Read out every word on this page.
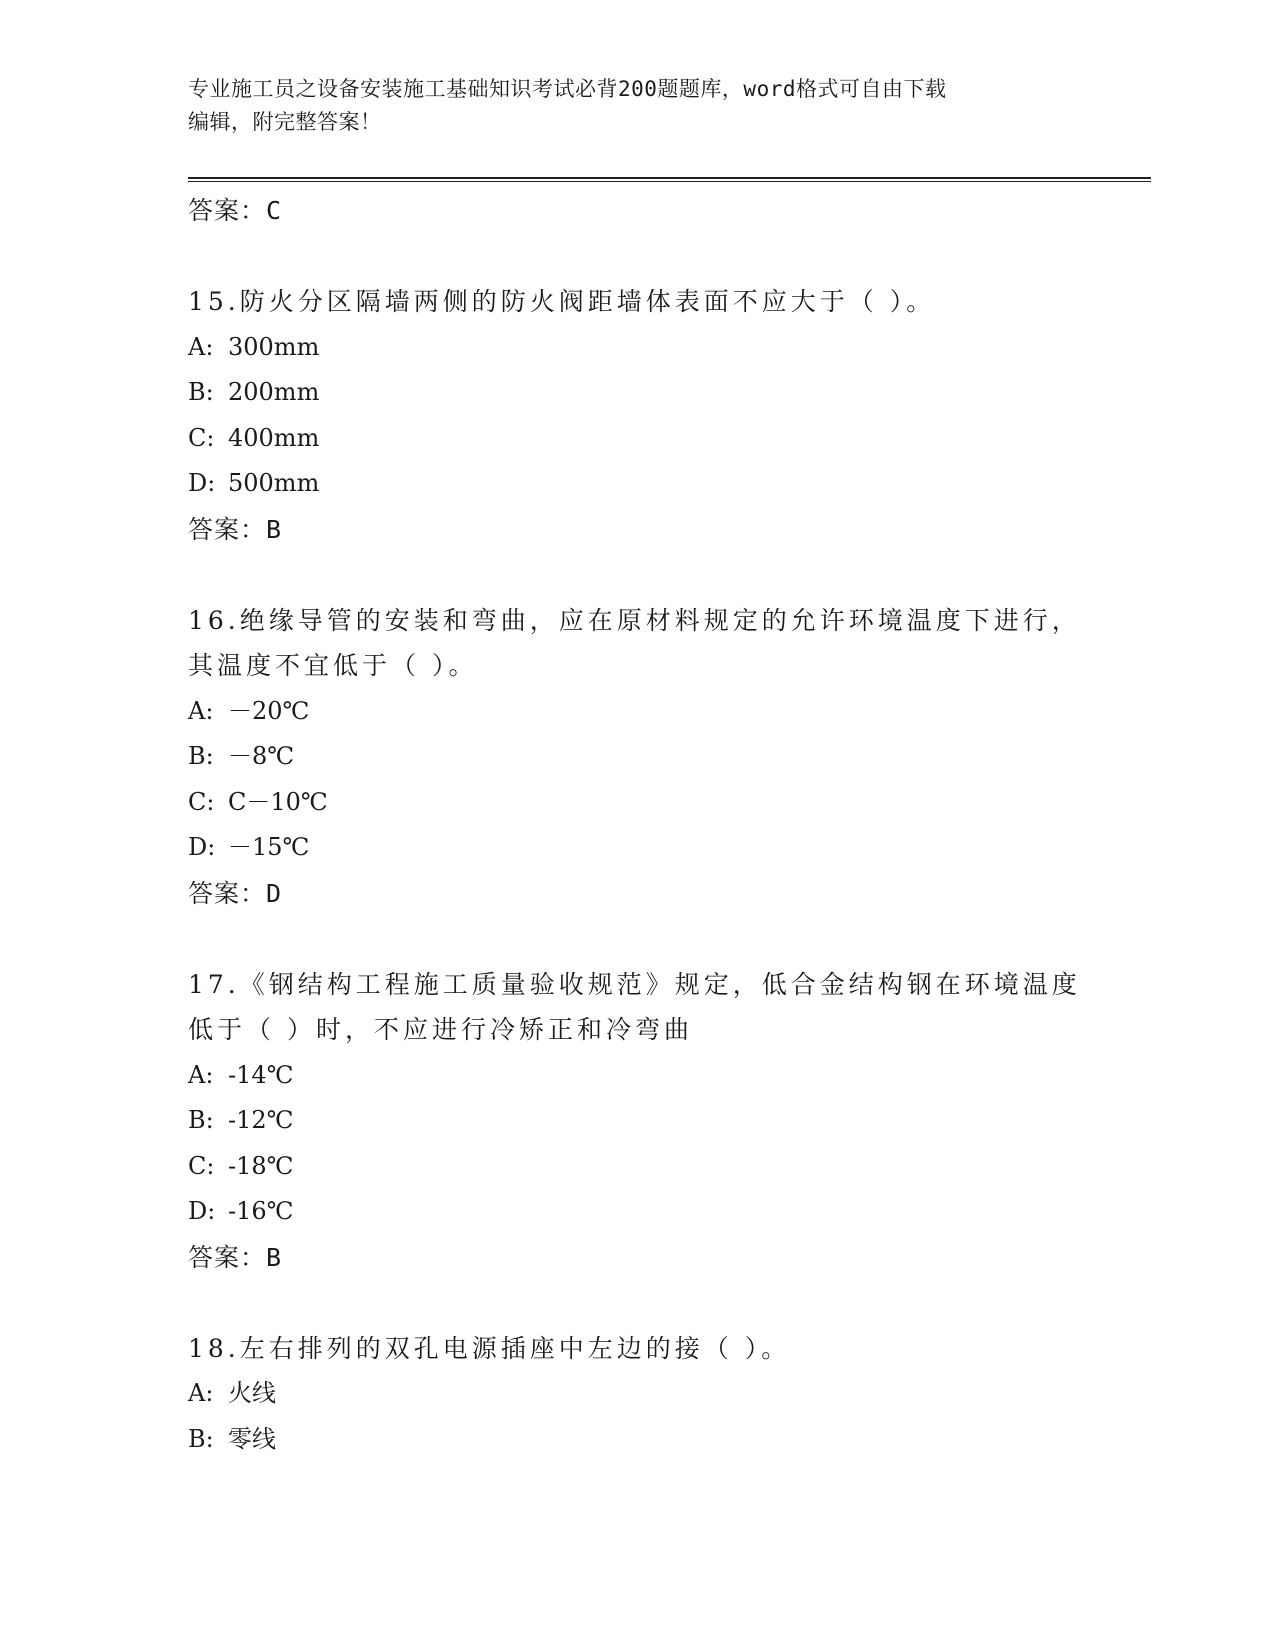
专业施工员之设备安装施工基础知识考试必背200题题库，word格式可自由下载
编辑，附完整答案！
答案：C
15.防火分区隔墙两侧的防火阀距墙体表面不应大于（ ）。
A: 300mm
B: 200mm
C: 400mm
D: 500mm
答案：B
16.绝缘导管的安装和弯曲，应在原材料规定的允许环境温度下进行，
其温度不宜低于（ ）。
A: －20℃
B: －8℃
C: C－10℃
D: －15℃
答案：D
17.《钢结构工程施工质量验收规范》规定，低合金结构钢在环境温度
低于（ ）时，不应进行冷矫正和冷弯曲
A: -14℃
B: -12℃
C: -18℃
D: -16℃
答案：B
18.左右排列的双孔电源插座中左边的接（ ）。
A: 火线
B: 零线
